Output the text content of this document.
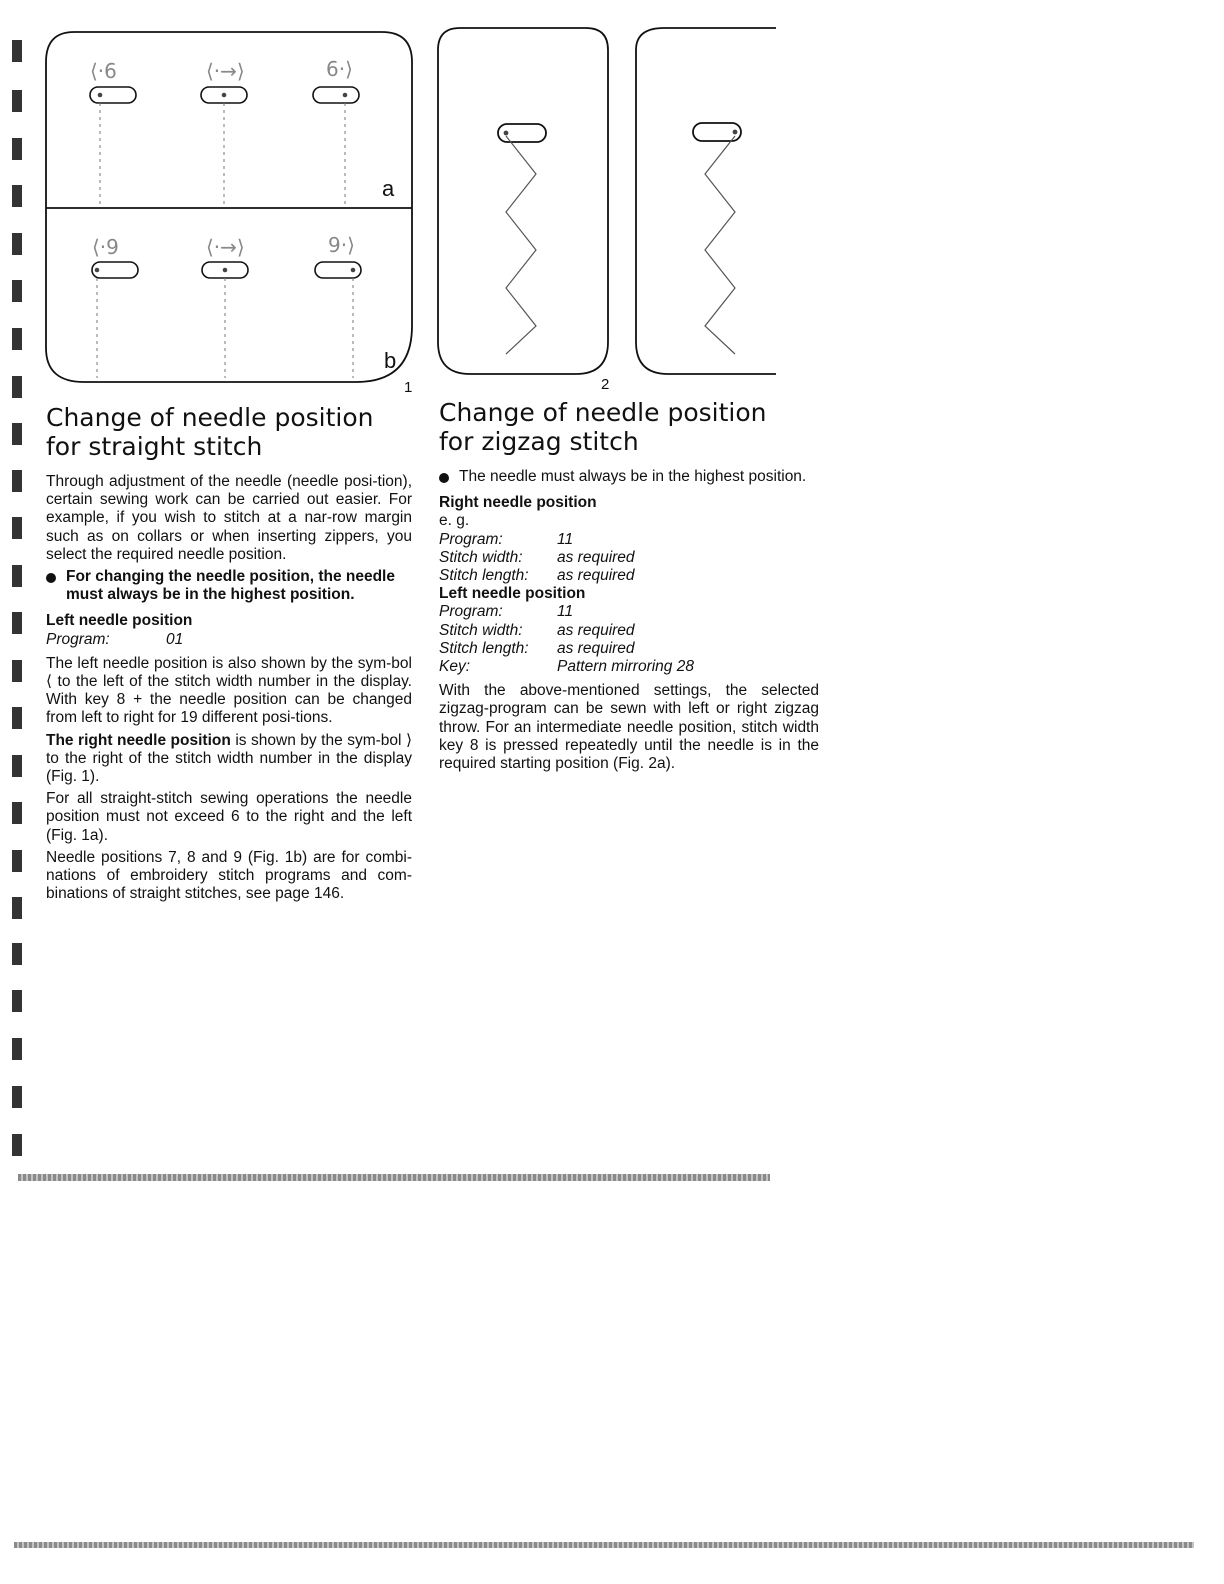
⟨·6	⟨·→⟩	6·⟩
⟨·9	⟨·→⟩	9·⟩
a
b
1	2
Change of needle position
for straight stitch

Through adjustment of the needle (needle posi-tion), certain sewing work can be carried out easier. For example, if you wish to stitch at a nar-row margin such as on collars or when inserting zippers, you select the required needle position.

For changing the needle position, the needle must always be in the highest position.
Left needle position
Program:	01

The left needle position is also shown by the sym-bol ⟨ to the left of the stitch width number in the display. With key 8 + the needle position can be changed from left to right for 19 different posi-tions.

The right needle position is shown by the sym-bol ⟩ to the right of the stitch width number in the display (Fig. 1).

For all straight-stitch sewing operations the needle position must not exceed 6 to the right and the left (Fig. 1a).

Needle positions 7, 8 and 9 (Fig. 1b) are for combi-nations of embroidery stitch programs and com-binations of straight stitches, see page 146.

Change of needle position
for zigzag stitch
The needle must always be in the highest position.
Right needle position
e. g.
Program:	11
Stitch width:	as required
Stitch length:	as required
Left needle position
Program:	11
Stitch width:	as required
Stitch length:	as required
Key:	Pattern mirroring 28

With the above-mentioned settings, the selected zigzag-program can be sewn with left or right zigzag throw. For an intermediate needle position, stitch width key 8 is pressed repeatedly until the needle is in the required starting position (Fig. 2a).
